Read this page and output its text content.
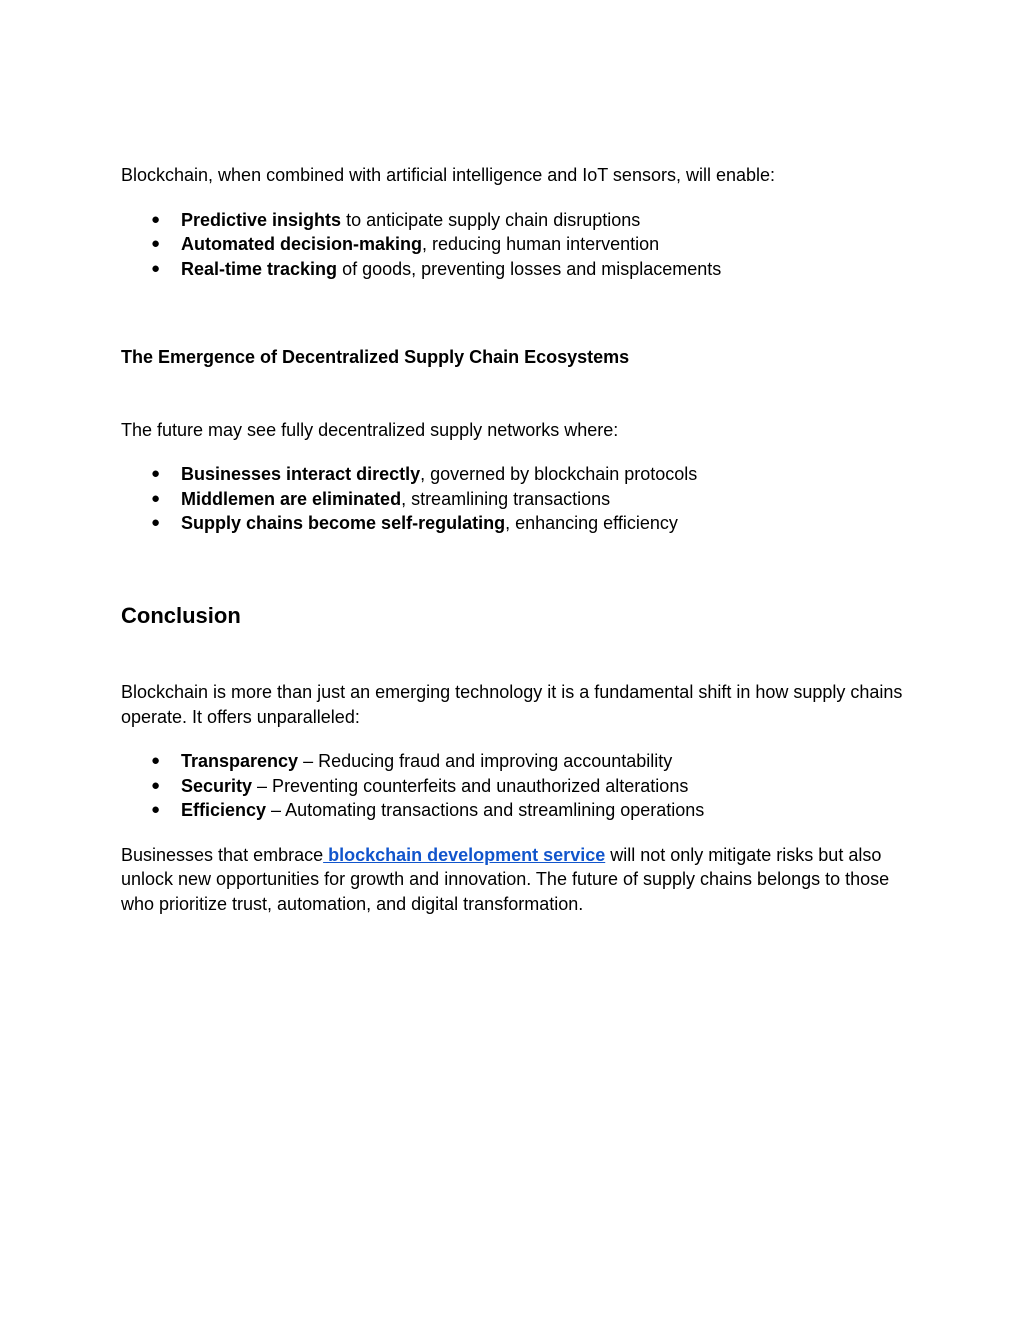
Blockchain, when combined with artificial intelligence and IoT sensors, will enable:

● Predictive insights to anticipate supply chain disruptions
● Automated decision-making, reducing human intervention
● Real-time tracking of goods, preventing losses and misplacements
The Emergence of Decentralized Supply Chain Ecosystems

The future may see fully decentralized supply networks where:

● Businesses interact directly, governed by blockchain protocols
● Middlemen are eliminated, streamlining transactions
● Supply chains become self-regulating, enhancing efficiency
Conclusion

Blockchain is more than just an emerging technology it is a fundamental shift in how supply chains operate. It offers unparalleled:

● Transparency – Reducing fraud and improving accountability
● Security – Preventing counterfeits and unauthorized alterations
● Efficiency – Automating transactions and streamlining operations

Businesses that embrace blockchain development service will not only mitigate risks but also unlock new opportunities for growth and innovation. The future of supply chains belongs to those who prioritize trust, automation, and digital transformation.
